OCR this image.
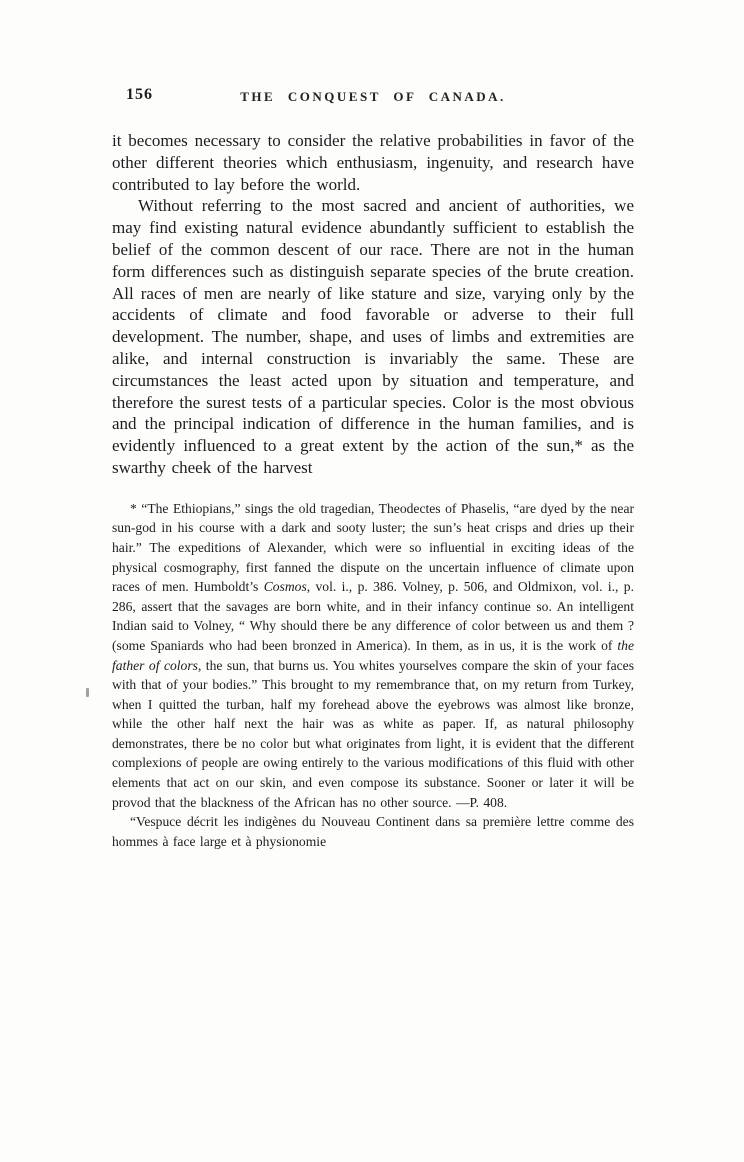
156	THE CONQUEST OF CANADA.

it becomes necessary to consider the relative probabilities in favor of the other different theories which enthusiasm, ingenuity, and research have contributed to lay before the world.

Without referring to the most sacred and ancient of authorities, we may find existing natural evidence abundantly sufficient to establish the belief of the common descent of our race. There are not in the human form differences such as distinguish separate species of the brute creation. All races of men are nearly of like stature and size, varying only by the accidents of climate and food favorable or adverse to their full development. The number, shape, and uses of limbs and extremities are alike, and internal construction is invariably the same. These are circumstances the least acted upon by situation and temperature, and therefore the surest tests of a particular species. Color is the most obvious and the principal indication of difference in the human families, and is evidently influenced to a great extent by the action of the sun,* as the swarthy cheek of the harvest

* “The Ethiopians,” sings the old tragedian, Theodectes of Phaselis, “are dyed by the near sun-god in his course with a dark and sooty luster; the sun’s heat crisps and dries up their hair.” The expeditions of Alexander, which were so influential in exciting ideas of the physical cosmography, first fanned the dispute on the uncertain influence of climate upon races of men. Humboldt’s Cosmos, vol. i., p. 386. Volney, p. 506, and Oldmixon, vol. i., p. 286, assert that the savages are born white, and in their infancy continue so. An intelligent Indian said to Volney, “ Why should there be any difference of color between us and them ? (some Spaniards who had been bronzed in America). In them, as in us, it is the work of the father of colors, the sun, that burns us. You whites yourselves compare the skin of your faces with that of your bodies.” This brought to my remembrance that, on my return from Turkey, when I quitted the turban, half my forehead above the eyebrows was almost like bronze, while the other half next the hair was as white as paper. If, as natural philosophy demonstrates, there be no color but what originates from light, it is evident that the different complexions of people are owing entirely to the various modifications of this fluid with other elements that act on our skin, and even compose its substance. Sooner or later it will be provod that the blackness of the African has no other source. —P. 408.

“Vespuce décrit les indigènes du Nouveau Continent dans sa première lettre comme des hommes à face large et à physionomie
